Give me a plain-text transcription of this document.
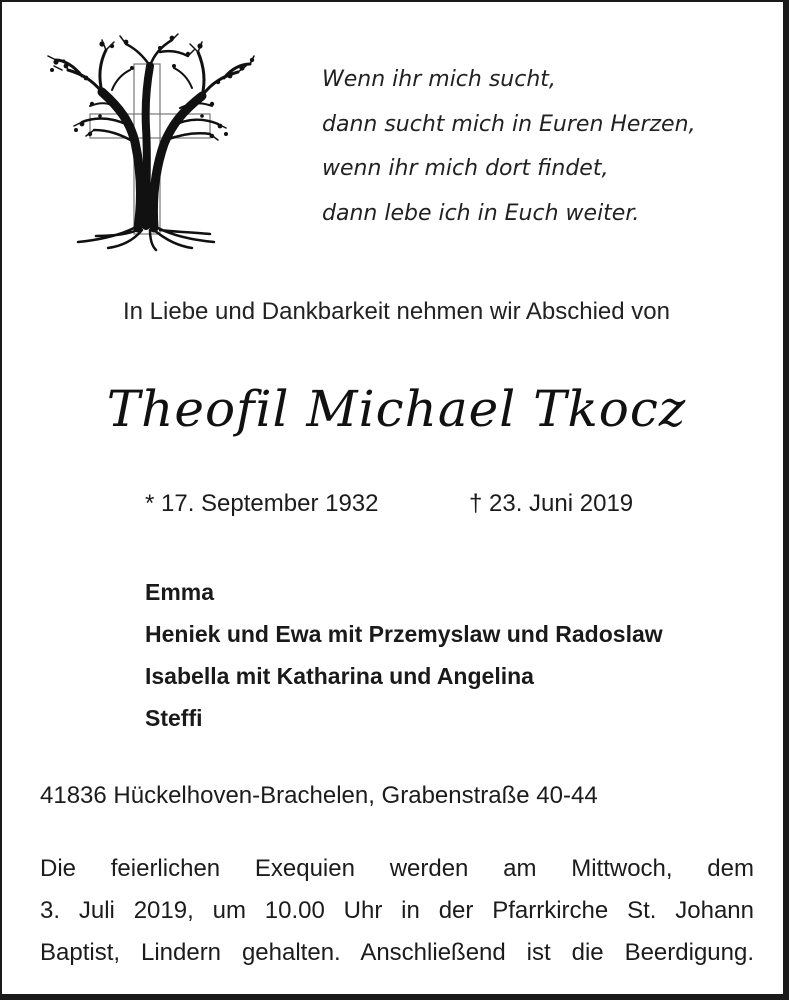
Wenn ihr mich sucht,
dann sucht mich in Euren Herzen,
wenn ihr mich dort findet,
dann lebe ich in Euch weiter.
In Liebe und Dankbarkeit nehmen wir Abschied von
Theofil Michael Tkocz
* 17. September 1932	† 23. Juni 2019
Emma
Heniek und Ewa mit Przemyslaw und Radoslaw
Isabella mit Katharina und Angelina
Steffi
41836 Hückelhoven-Brachelen, Grabenstraße 40-44
Die feierlichen Exequien werden am Mittwoch, dem
3. Juli 2019, um 10.00 Uhr in der Pfarrkirche St. Johann
Baptist, Lindern gehalten. Anschließend ist die Beerdigung.
